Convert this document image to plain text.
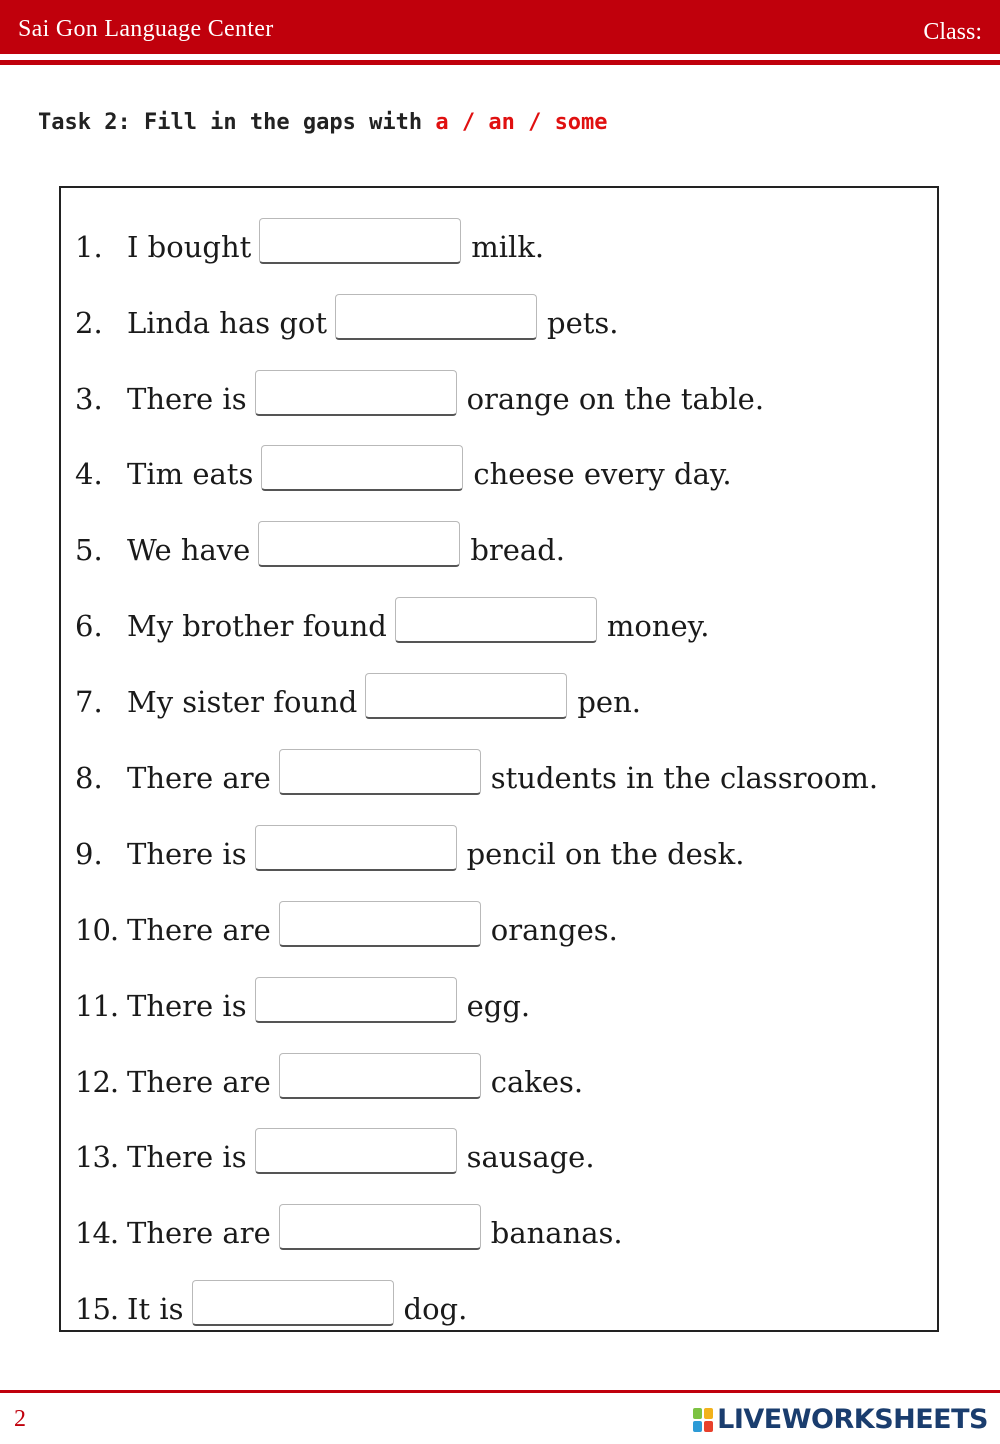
Sai Gon Language Center	Class:
Task 2: Fill in the gaps with a / an / some
1. I bought	milk.
2. Linda has got	pets.
3. There is	orange on the table.
4. Tim eats	cheese every day.
5. We have	bread.
6. My brother found	money.
7. My sister found	pen.
8. There are	students in the classroom.
9. There is	pencil on the desk.
10. There are	oranges.
11. There is	egg.
12. There are	cakes.
13. There is	sausage.
14. There are	bananas.
15. It is	dog.
2	LIVEWORKSHEETS
